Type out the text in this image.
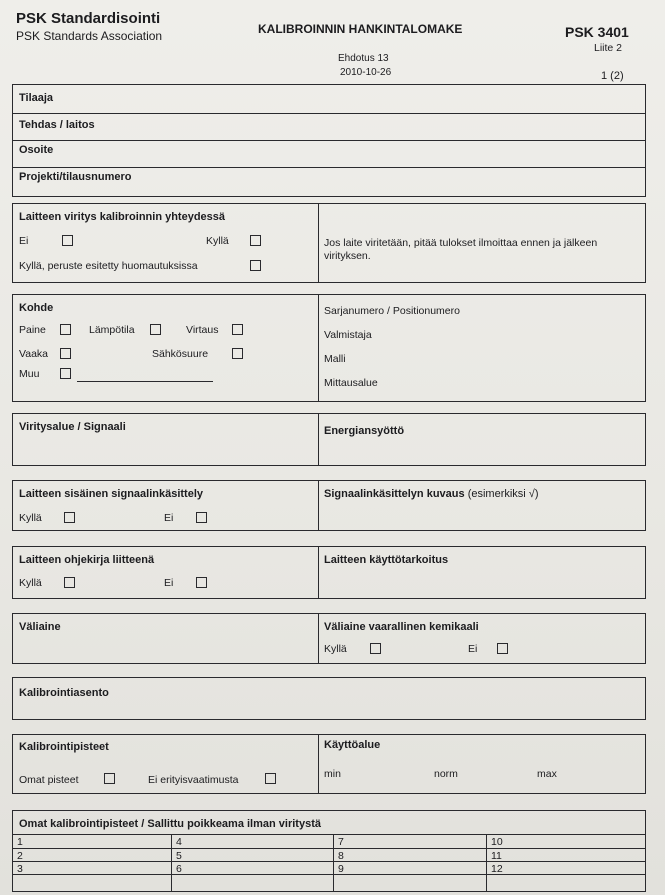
PSK Standardisointi
PSK Standards Association	KALIBROINNIN HANKINTALOMAKE	PSK 3401
Liite 2
Ehdotus 13
2010-10-26	1 (2)
Tilaaja
Tehdas / laitos
Osoite
Projekti/tilausnumero
Laitteen viritys kalibroinnin yhteydessä
Ei	Kyllä
Kyllä, peruste esitetty huomautuksissa
Jos laite viritetään, pitää tulokset ilmoittaa ennen ja jälkeen virityksen.
Kohde
Paine	Lämpötila	Virtaus
Vaaka	Sähkösuure
Muu
Sarjanumero / Positionumero
Valmistaja
Malli
Mittausalue
Viritysalue / Signaali	Energiansyöttö
Laitteen sisäinen signaalinkäsittely
Kyllä	Ei
Signaalinkäsittelyn kuvaus (esimerkiksi √)
Laitteen ohjekirja liitteenä
Kyllä	Ei
Laitteen käyttötarkoitus
Väliaine	Väliaine vaarallinen kemikaali
Kyllä	Ei
Kalibrointiasento
Kalibrointipisteet
Omat pisteet	Ei erityisvaatimusta
Käyttöalue
min	norm	max
Omat kalibrointipisteet / Sallittu poikkeama ilman viritystä
1	4	7	10
2	5	8	11
3	6	9	12
